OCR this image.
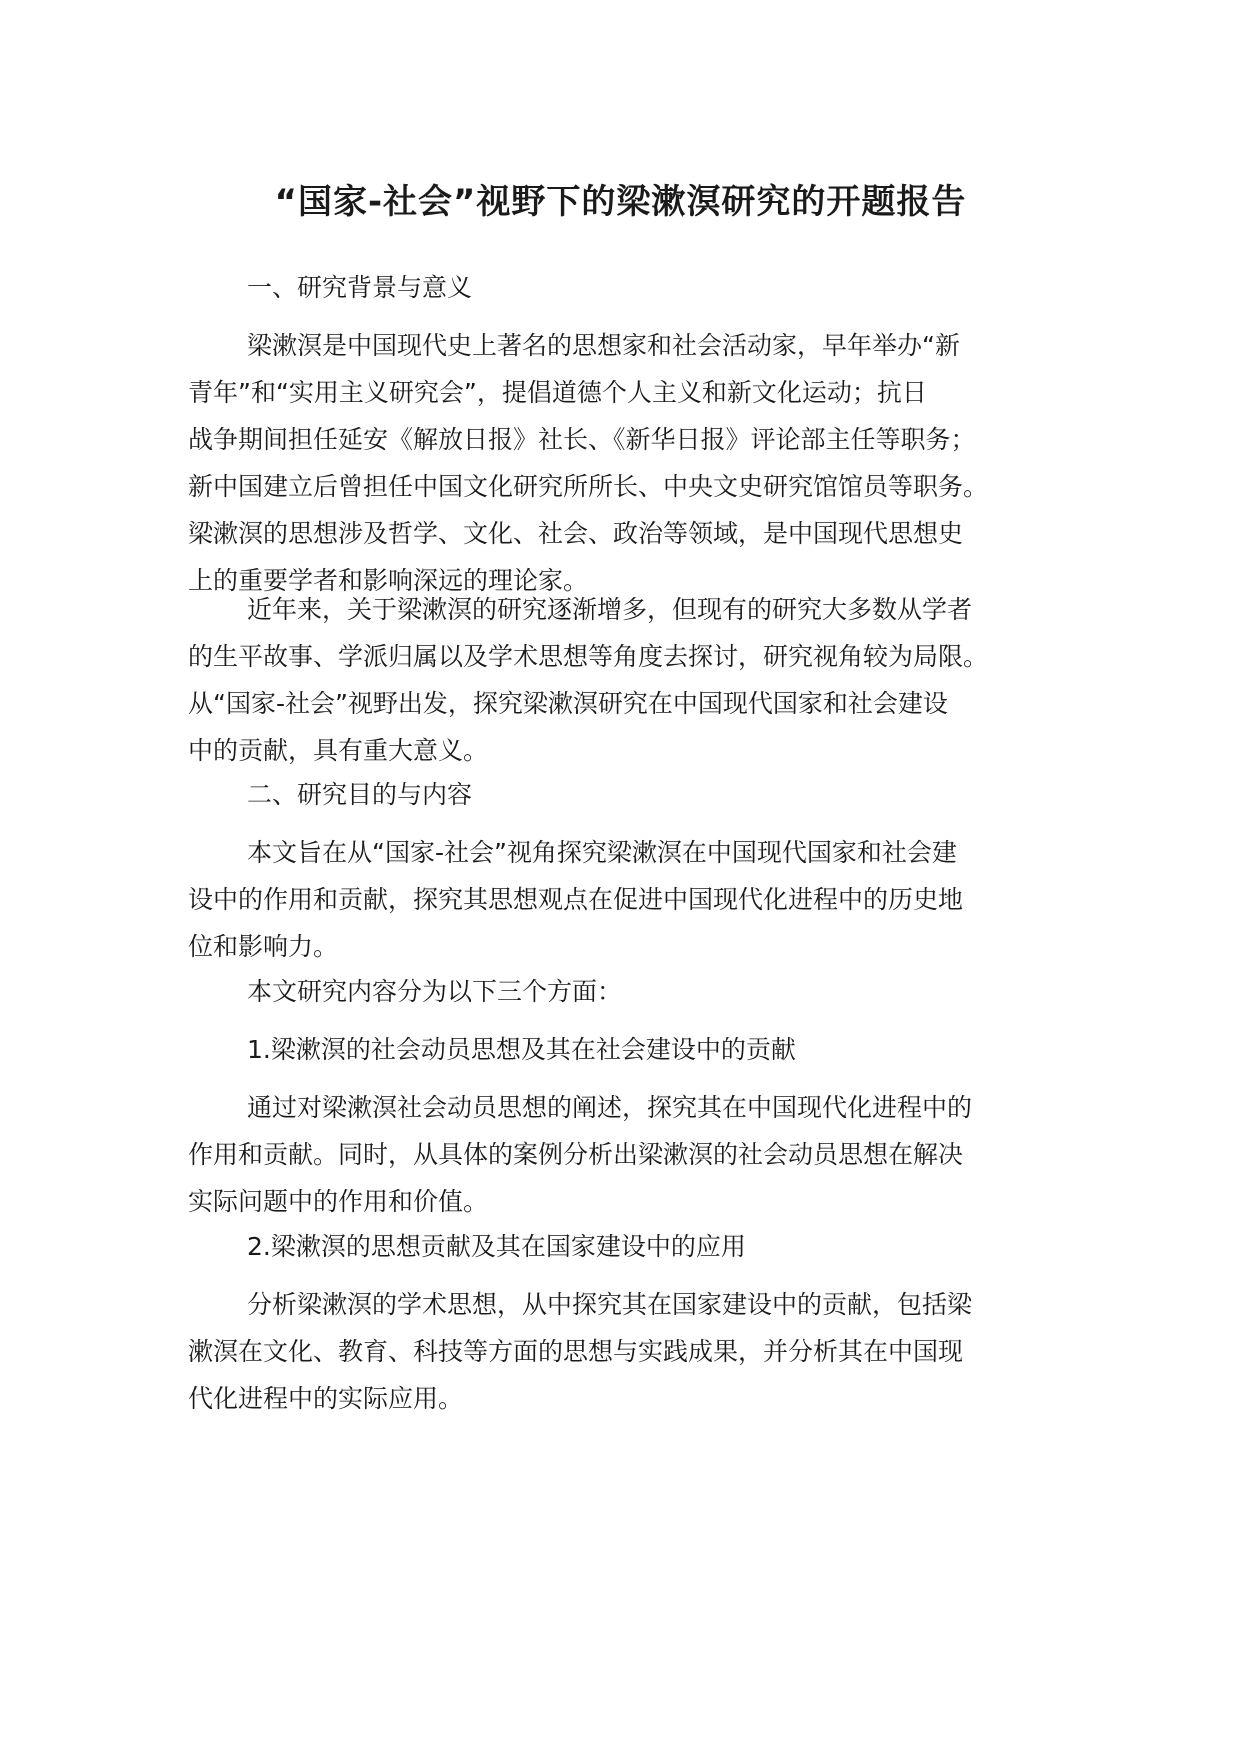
“国家-社会”视野下的梁漱溟研究的开题报告

一、研究背景与意义

梁漱溟是中国现代史上著名的思想家和社会活动家，早年举办“新
青年”和“实用主义研究会”，提倡道德个人主义和新文化运动；抗日
战争期间担任延安《解放日报》社长、《新华日报》评论部主任等职务；
新中国建立后曾担任中国文化研究所所长、中央文史研究馆馆员等职务。
梁漱溟的思想涉及哲学、文化、社会、政治等领域，是中国现代思想史
上的重要学者和影响深远的理论家。

近年来，关于梁漱溟的研究逐渐增多，但现有的研究大多数从学者
的生平故事、学派归属以及学术思想等角度去探讨，研究视角较为局限。
从“国家-社会”视野出发，探究梁漱溟研究在中国现代国家和社会建设
中的贡献，具有重大意义。

二、研究目的与内容

本文旨在从“国家-社会”视角探究梁漱溟在中国现代国家和社会建
设中的作用和贡献，探究其思想观点在促进中国现代化进程中的历史地
位和影响力。

本文研究内容分为以下三个方面：

1.梁漱溟的社会动员思想及其在社会建设中的贡献

通过对梁漱溟社会动员思想的阐述，探究其在中国现代化进程中的
作用和贡献。同时，从具体的案例分析出梁漱溟的社会动员思想在解决
实际问题中的作用和价值。

2.梁漱溟的思想贡献及其在国家建设中的应用

分析梁漱溟的学术思想，从中探究其在国家建设中的贡献，包括梁
漱溟在文化、教育、科技等方面的思想与实践成果，并分析其在中国现
代化进程中的实际应用。
